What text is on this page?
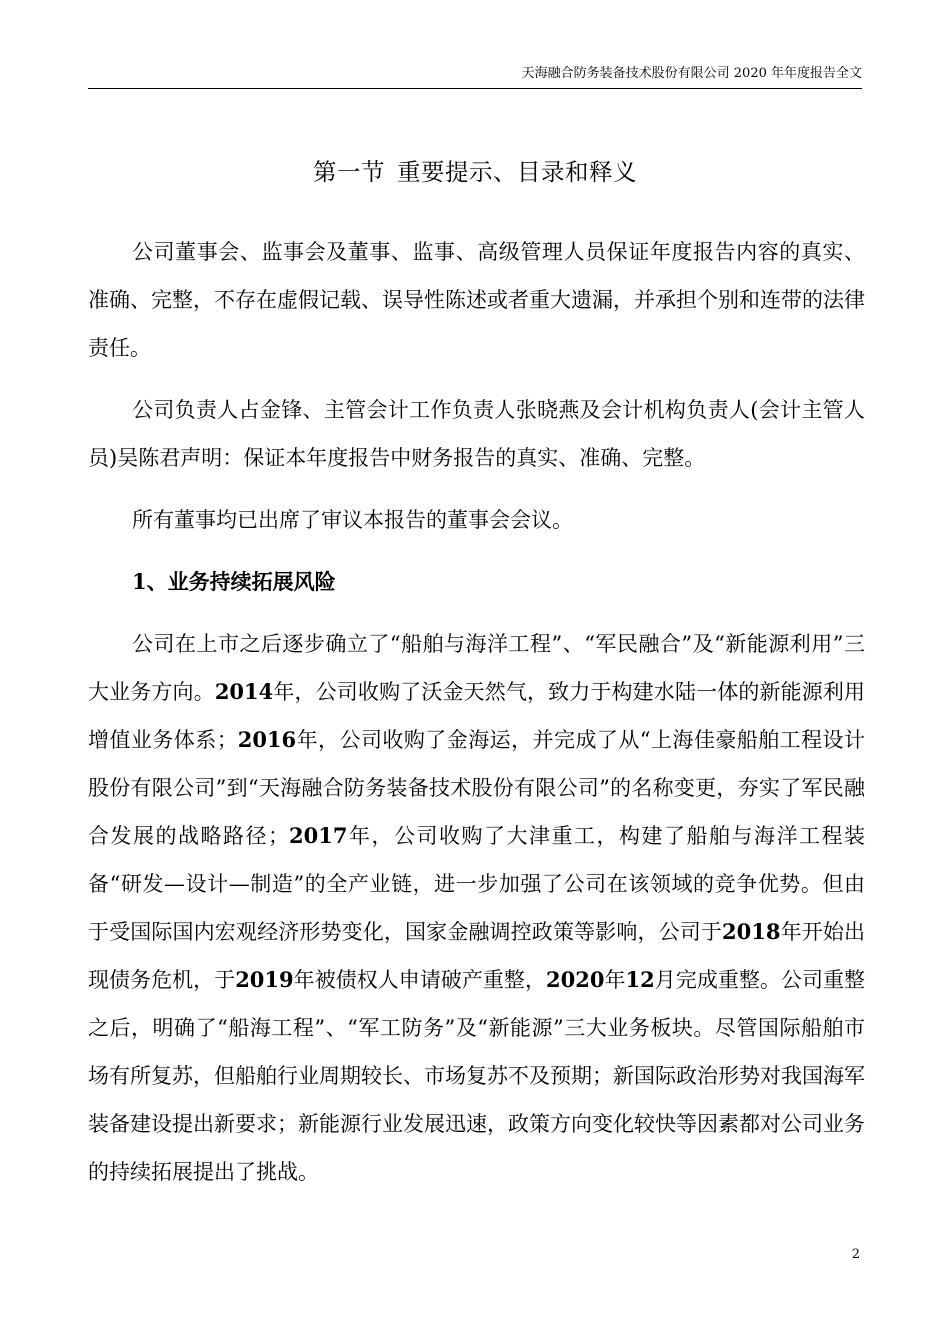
天海融合防务装备技术股份有限公司 2020 年年度报告全文
第一节 重要提示、目录和释义

公司董事会、监事会及董事、监事、高级管理人员保证年度报告内容的真实、准确、完整，不存在虚假记载、误导性陈述或者重大遗漏，并承担个别和连带的法律责任。

公司负责人占金锋、主管会计工作负责人张晓燕及会计机构负责人(会计主管人员)吴陈君声明：保证本年度报告中财务报告的真实、准确、完整。

所有董事均已出席了审议本报告的董事会会议。

1、业务持续拓展风险

公司在上市之后逐步确立了“船舶与海洋工程”、“军民融合”及“新能源利用”三大业务方向。2014年，公司收购了沃金天然气，致力于构建水陆一体的新能源利用增值业务体系；2016年，公司收购了金海运，并完成了从“上海佳豪船舶工程设计股份有限公司”到“天海融合防务装备技术股份有限公司”的名称变更，夯实了军民融合发展的战略路径；2017年，公司收购了大津重工，构建了船舶与海洋工程装备“研发—设计—制造”的全产业链，进一步加强了公司在该领域的竞争优势。但由于受国际国内宏观经济形势变化，国家金融调控政策等影响，公司于2018年开始出现债务危机，于2019年被债权人申请破产重整，2020年12月完成重整。公司重整之后，明确了“船海工程”、“军工防务”及“新能源”三大业务板块。尽管国际船舶市场有所复苏，但船舶行业周期较长、市场复苏不及预期；新国际政治形势对我国海军装备建设提出新要求；新能源行业发展迅速，政策方向变化较快等因素都对公司业务的持续拓展提出了挑战。

2
